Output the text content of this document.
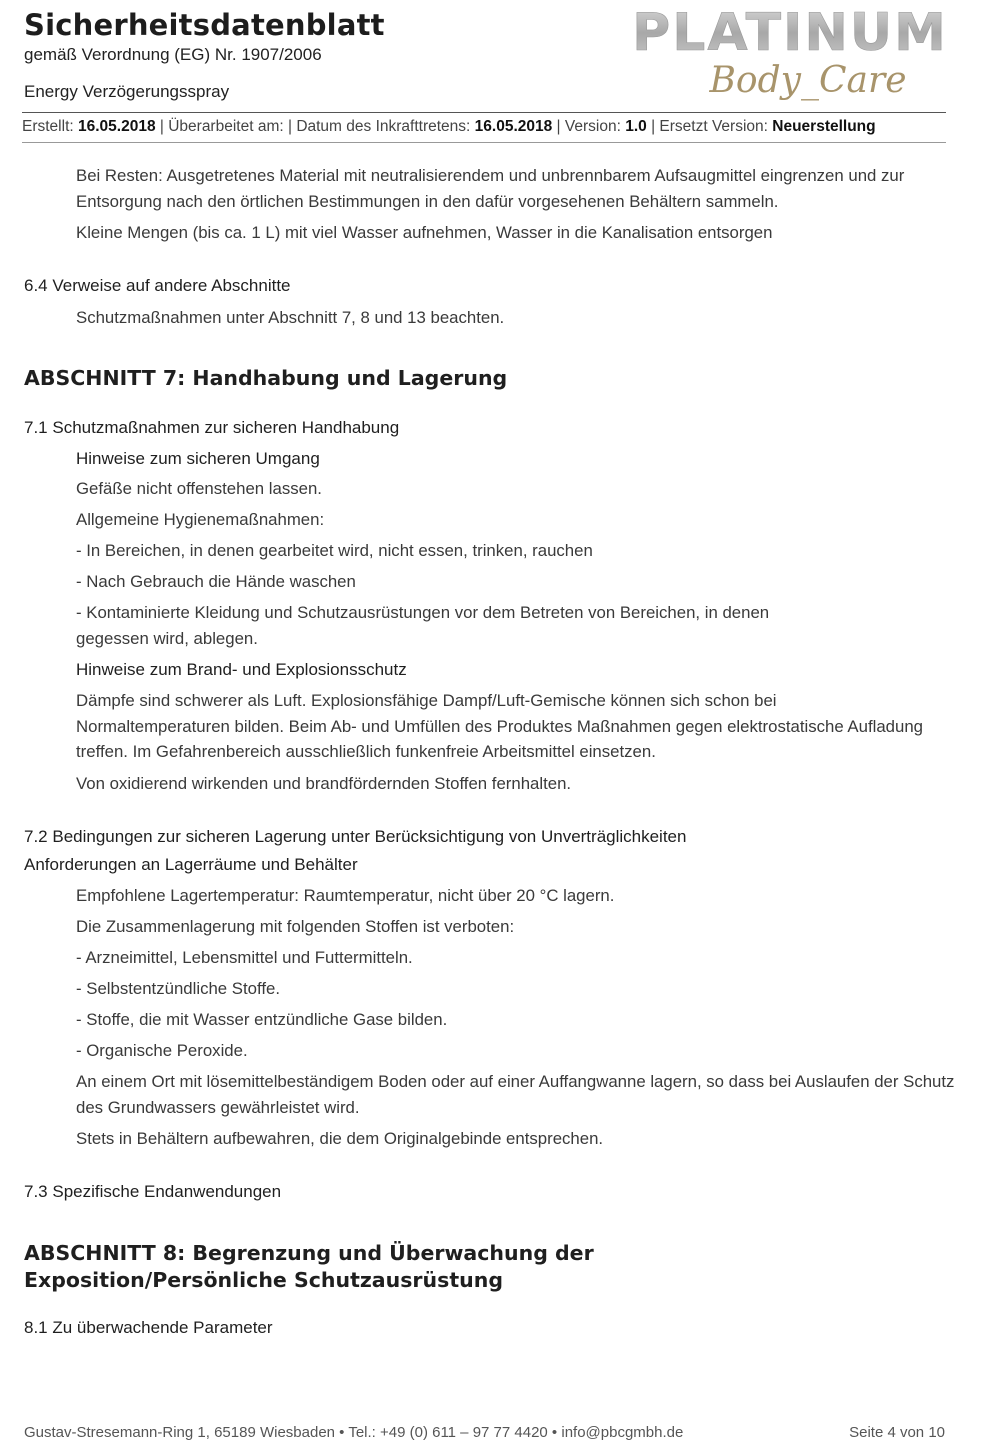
Sicherheitsdatenblatt
gemäß Verordnung (EG) Nr. 1907/2006
Energy Verzögerungsspray
PLATINUM
Body_Care
Erstellt: 16.05.2018 | Überarbeitet am: | Datum des Inkrafttretens: 16.05.2018 | Version: 1.0 | Ersetzt Version: Neuerstellung
Bei Resten: Ausgetretenes Material mit neutralisierendem und unbrennbarem Aufsaugmittel eingrenzen und zur Entsorgung nach den örtlichen Bestimmungen in den dafür vorgesehenen Behältern sammeln.
Kleine Mengen (bis ca. 1 L) mit viel Wasser aufnehmen, Wasser in die Kanalisation entsorgen
6.4 Verweise auf andere Abschnitte
Schutzmaßnahmen unter Abschnitt 7, 8 und 13 beachten.
ABSCHNITT 7: Handhabung und Lagerung
7.1 Schutzmaßnahmen zur sicheren Handhabung
Hinweise zum sicheren Umgang
Gefäße nicht offenstehen lassen.
Allgemeine Hygienemaßnahmen:
- In Bereichen, in denen gearbeitet wird, nicht essen, trinken, rauchen
- Nach Gebrauch die Hände waschen
- Kontaminierte Kleidung und Schutzausrüstungen vor dem Betreten von Bereichen, in denen gegessen wird, ablegen.
Hinweise zum Brand- und Explosionsschutz
Dämpfe sind schwerer als Luft. Explosionsfähige Dampf/Luft-Gemische können sich schon bei Normaltemperaturen bilden. Beim Ab- und Umfüllen des Produktes Maßnahmen gegen elektrostatische Aufladung treffen. Im Gefahrenbereich ausschließlich funkenfreie Arbeitsmittel einsetzen.
Von oxidierend wirkenden und brandfördernden Stoffen fernhalten.
7.2 Bedingungen zur sicheren Lagerung unter Berücksichtigung von Unverträglichkeiten
Anforderungen an Lagerräume und Behälter
Empfohlene Lagertemperatur: Raumtemperatur, nicht über 20 °C lagern.
Die Zusammenlagerung mit folgenden Stoffen ist verboten:
- Arzneimittel, Lebensmittel und Futtermitteln.
- Selbstentzündliche Stoffe.
- Stoffe, die mit Wasser entzündliche Gase bilden.
- Organische Peroxide.
An einem Ort mit lösemittelbeständigem Boden oder auf einer Auffangwanne lagern, so dass bei Auslaufen der Schutz des Grundwassers gewährleistet wird.
Stets in Behältern aufbewahren, die dem Originalgebinde entsprechen.
7.3 Spezifische Endanwendungen
ABSCHNITT 8: Begrenzung und Überwachung der Exposition/Persönliche Schutzausrüstung
8.1 Zu überwachende Parameter
Gustav-Stresemann-Ring 1, 65189 Wiesbaden • Tel.: +49 (0) 611 – 97 77 4420 • info@pbcgmbh.de	Seite 4 von 10
